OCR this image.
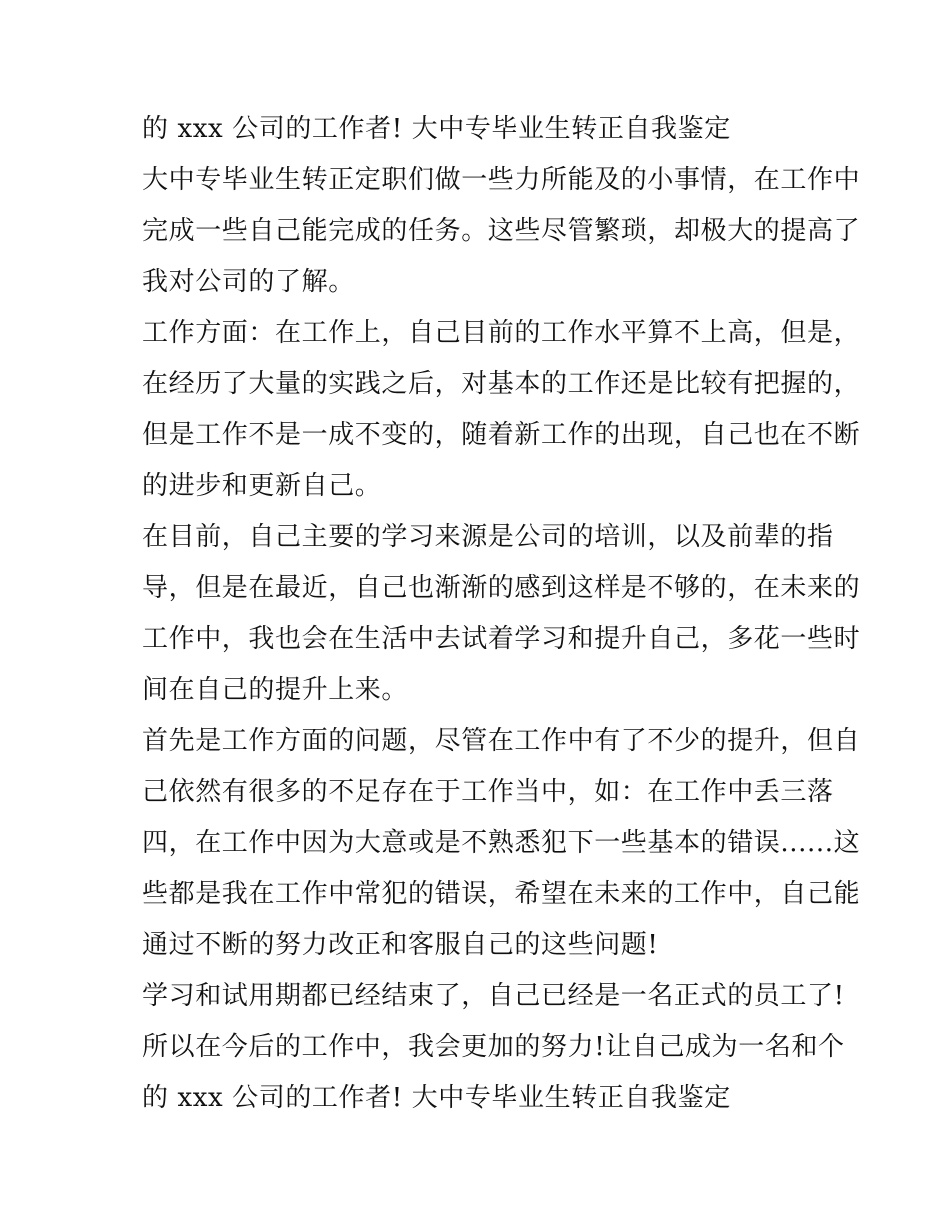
的 xxx 公司的工作者! 大中专毕业生转正自我鉴定
大中专毕业生转正定职们做一些力所能及的小事情，在工作中
完成一些自己能完成的任务。这些尽管繁琐，却极大的提高了
我对公司的了解。
工作方面：在工作上，自己目前的工作水平算不上高，但是，
在经历了大量的实践之后，对基本的工作还是比较有把握的，
但是工作不是一成不变的，随着新工作的出现，自己也在不断
的进步和更新自己。
在目前，自己主要的学习来源是公司的培训，以及前辈的指
导，但是在最近，自己也渐渐的感到这样是不够的，在未来的
工作中，我也会在生活中去试着学习和提升自己，多花一些时
间在自己的提升上来。
首先是工作方面的问题，尽管在工作中有了不少的提升，但自
己依然有很多的不足存在于工作当中，如：在工作中丢三落
四，在工作中因为大意或是不熟悉犯下一些基本的错误......这
些都是我在工作中常犯的错误，希望在未来的工作中，自己能
通过不断的努力改正和客服自己的这些问题!
学习和试用期都已经结束了，自己已经是一名正式的员工了!
所以在今后的工作中，我会更加的努力!让自己成为一名和个
的 xxx 公司的工作者! 大中专毕业生转正自我鉴定
